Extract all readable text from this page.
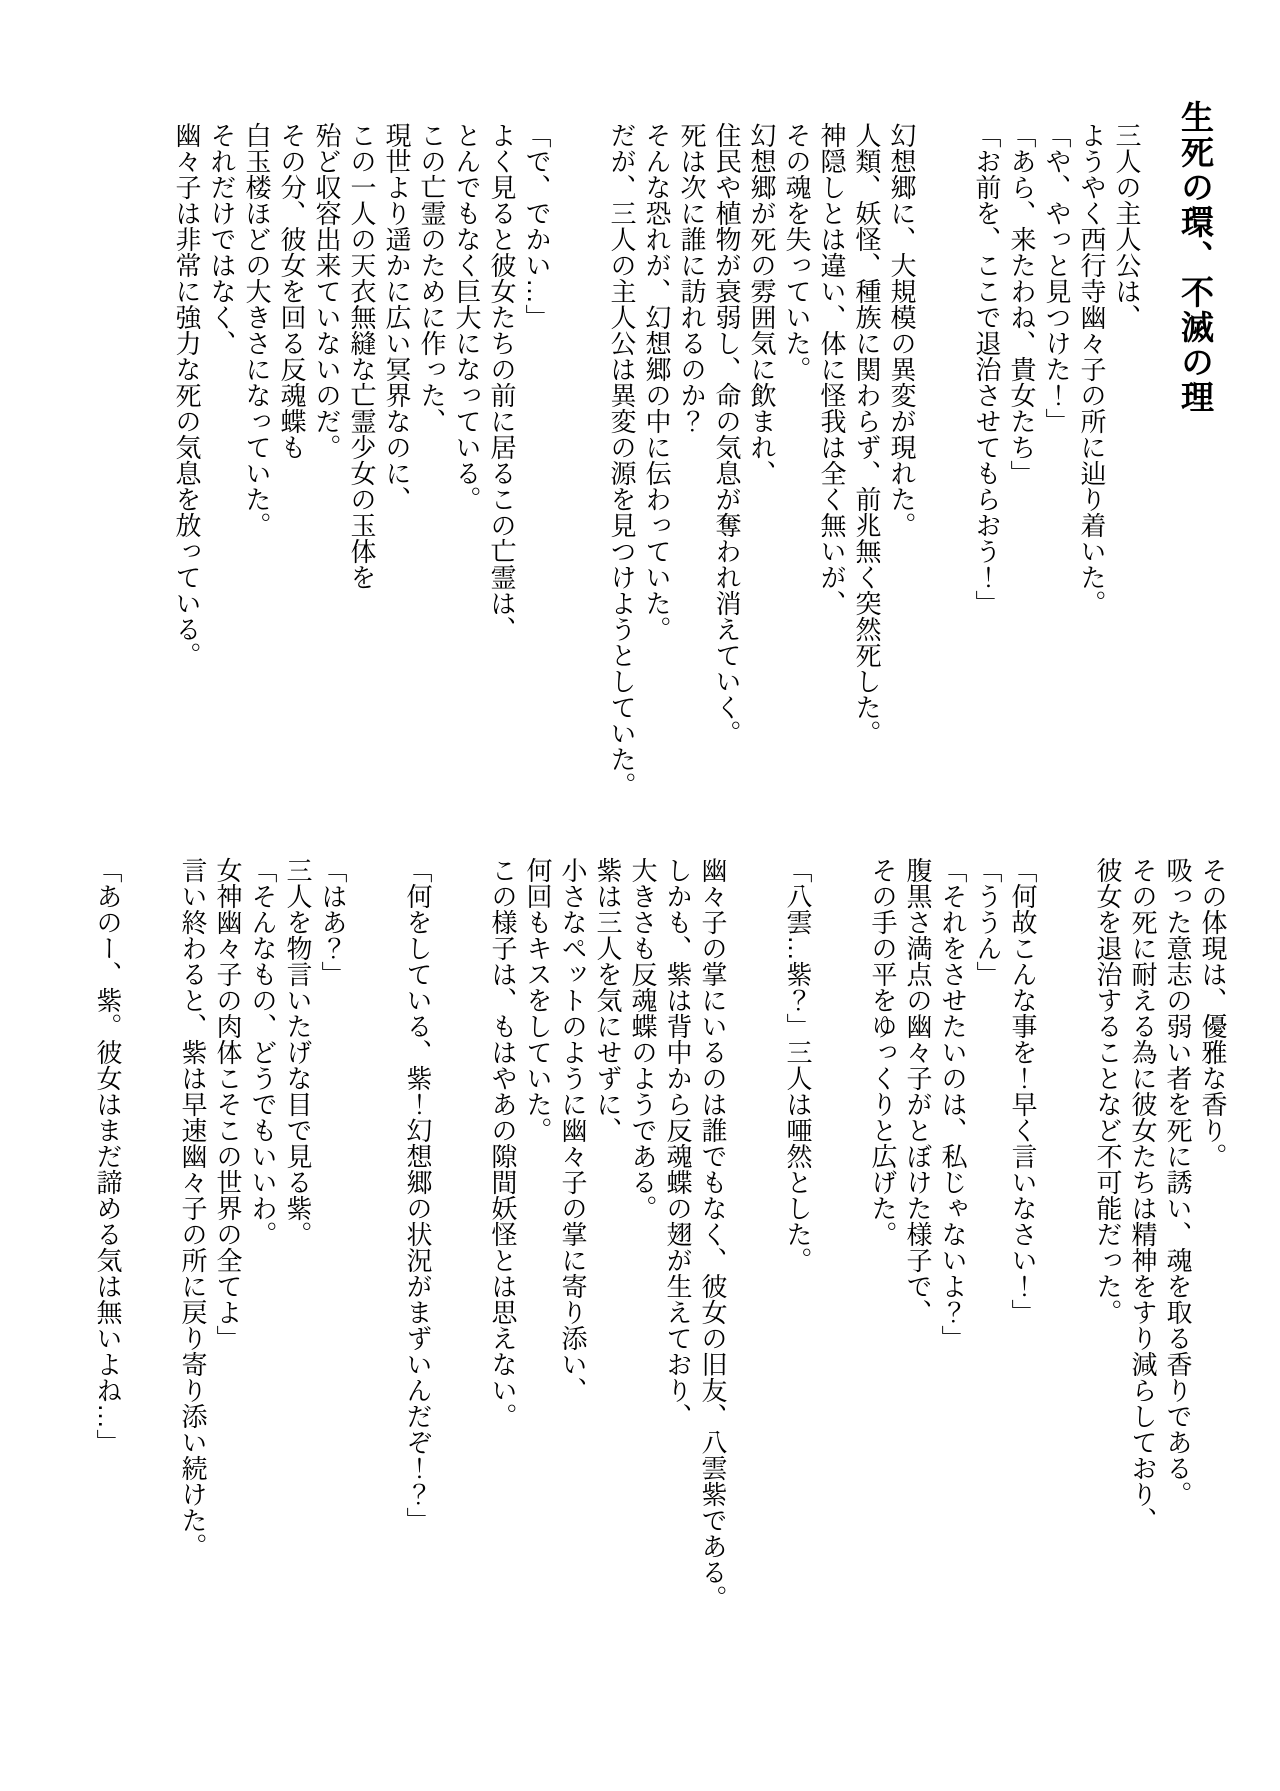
生死の環、不滅の理
三人の主人公は、
ようやく西行寺幽々子の所に辿り着いた。
「や、やっと見つけた！」
「あら、来たわね、貴女たち」
「お前を、ここで退治させてもらおう！」
幻想郷に、大規模の異変が現れた。
人類、妖怪、種族に関わらず、前兆無く突然死した。
神隠しとは違い、体に怪我は全く無いが、
その魂を失っていた。
幻想郷が死の雰囲気に飲まれ、
住民や植物が衰弱し、命の気息が奪われ消えていく。
死は次に誰に訪れるのか？
そんな恐れが、幻想郷の中に伝わっていた。
だが、三人の主人公は異変の源を見つけようとしていた。
「で、でかい…」
よく見ると彼女たちの前に居るこの亡霊は、
とんでもなく巨大になっている。
この亡霊のために作った、
現世より遥かに広い冥界なのに、
この一人の天衣無縫な亡霊少女の玉体を
殆ど収容出来ていないのだ。
その分、彼女を回る反魂蝶も
白玉楼ほどの大きさになっていた。
それだけではなく、
幽々子は非常に強力な死の気息を放っている。
その体現は、優雅な香り。
吸った意志の弱い者を死に誘い、魂を取る香りである。
その死に耐える為に彼女たちは精神をすり減らしており、
彼女を退治することなど不可能だった。
「何故こんな事を！早く言いなさい！」
「ううん」
「それをさせたいのは、私じゃないよ？」
腹黒さ満点の幽々子がとぼけた様子で、
その手の平をゆっくりと広げた。
「八雲…紫？」三人は唖然とした。
幽々子の掌にいるのは誰でもなく、彼女の旧友、八雲紫である。
しかも、紫は背中から反魂蝶の翅が生えており、
大きさも反魂蝶のようである。
紫は三人を気にせずに、
小さなペットのように幽々子の掌に寄り添い、
何回もキスをしていた。
この様子は、もはやあの隙間妖怪とは思えない。
「何をしている、紫！幻想郷の状況がまずいんだぞ！？」
「はあ？」
三人を物言いたげな目で見る紫。
「そんなもの、どうでもいいわ。
女神幽々子の肉体こそこの世界の全てよ」
言い終わると、紫は早速幽々子の所に戻り寄り添い続けた。
「あのー、紫。彼女はまだ諦める気は無いよね…」
